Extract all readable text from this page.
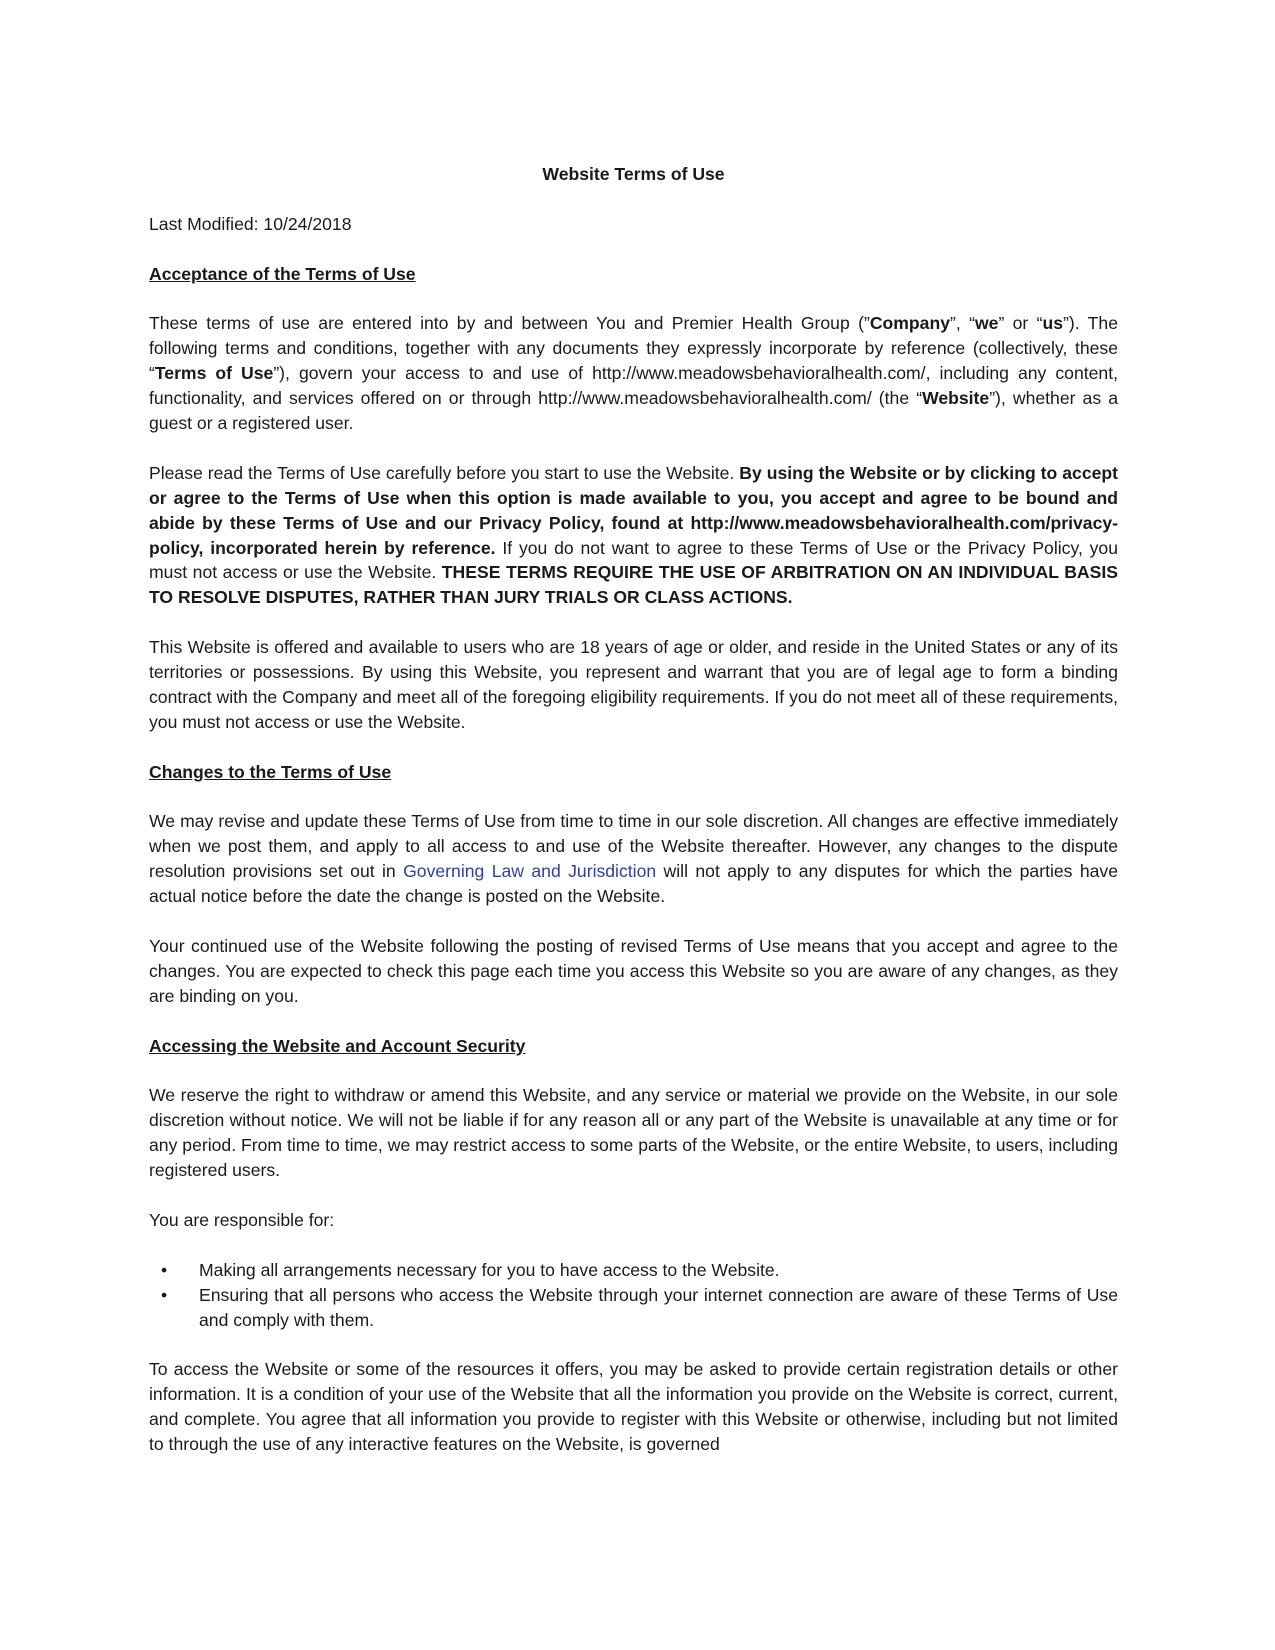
Website Terms of Use
Last Modified: 10/24/2018
Acceptance of the Terms of Use

These terms of use are entered into by and between You and Premier Health Group (”Company”, “we” or “us”). The following terms and conditions, together with any documents they expressly incorporate by reference (collectively, these “Terms of Use”), govern your access to and use of http://www.meadowsbehavioralhealth.com/, including any content, functionality, and services offered on or through http://www.meadowsbehavioralhealth.com/ (the “Website”), whether as a guest or a registered user.

Please read the Terms of Use carefully before you start to use the Website. By using the Website or by clicking to accept or agree to the Terms of Use when this option is made available to you, you accept and agree to be bound and abide by these Terms of Use and our Privacy Policy, found at http://www.meadowsbehavioralhealth.com/privacy-policy, incorporated herein by reference. If you do not want to agree to these Terms of Use or the Privacy Policy, you must not access or use the Website. THESE TERMS REQUIRE THE USE OF ARBITRATION ON AN INDIVIDUAL BASIS TO RESOLVE DISPUTES, RATHER THAN JURY TRIALS OR CLASS ACTIONS.

This Website is offered and available to users who are 18 years of age or older, and reside in the United States or any of its territories or possessions. By using this Website, you represent and warrant that you are of legal age to form a binding contract with the Company and meet all of the foregoing eligibility requirements. If you do not meet all of these requirements, you must not access or use the Website.

Changes to the Terms of Use

We may revise and update these Terms of Use from time to time in our sole discretion. All changes are effective immediately when we post them, and apply to all access to and use of the Website thereafter. However, any changes to the dispute resolution provisions set out in Governing Law and Jurisdiction will not apply to any disputes for which the parties have actual notice before the date the change is posted on the Website.

Your continued use of the Website following the posting of revised Terms of Use means that you accept and agree to the changes. You are expected to check this page each time you access this Website so you are aware of any changes, as they are binding on you.

Accessing the Website and Account Security

We reserve the right to withdraw or amend this Website, and any service or material we provide on the Website, in our sole discretion without notice. We will not be liable if for any reason all or any part of the Website is unavailable at any time or for any period. From time to time, we may restrict access to some parts of the Website, or the entire Website, to users, including registered users.

You are responsible for:

• Making all arrangements necessary for you to have access to the Website.
• Ensuring that all persons who access the Website through your internet connection are aware of these Terms of Use and comply with them.

To access the Website or some of the resources it offers, you may be asked to provide certain registration details or other information. It is a condition of your use of the Website that all the information you provide on the Website is correct, current, and complete. You agree that all information you provide to register with this Website or otherwise, including but not limited to through the use of any interactive features on the Website, is governed
